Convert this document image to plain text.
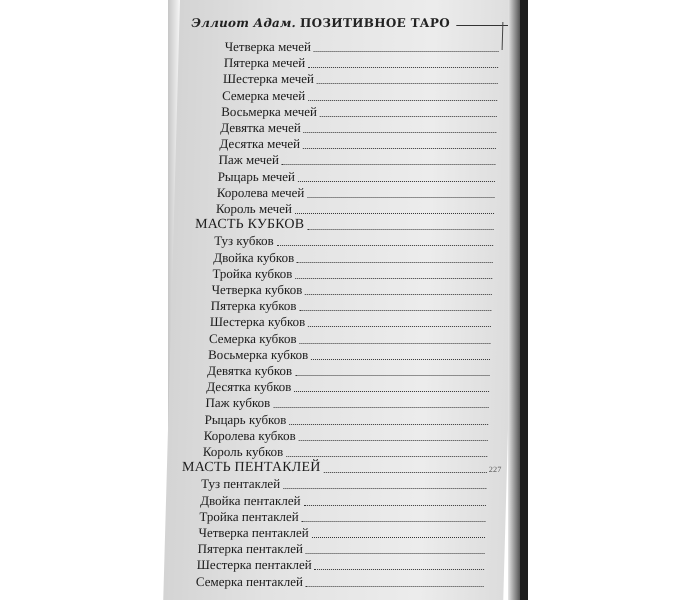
Эллиот Адам. ПОЗИТИВНОЕ ТАРО
Четверка мечей
Пятерка мечей
Шестерка мечей
Семерка мечей
Восьмерка мечей
Девятка мечей
Десятка мечей
Паж мечей
Рыцарь мечей
Королева мечей
Король мечей
МАСТЬ КУБКОВ
Туз кубков
Двойка кубков
Тройка кубков
Четверка кубков
Пятерка кубков
Шестерка кубков
Семерка кубков
Восьмерка кубков
Девятка кубков
Десятка кубков
Паж кубков
Рыцарь кубков
Королева кубков
Король кубков
МАСТЬ ПЕНТАКЛЕЙ	227
Туз пентаклей
Двойка пентаклей
Тройка пентаклей
Четверка пентаклей
Пятерка пентаклей
Шестерка пентаклей
Семерка пентаклей
